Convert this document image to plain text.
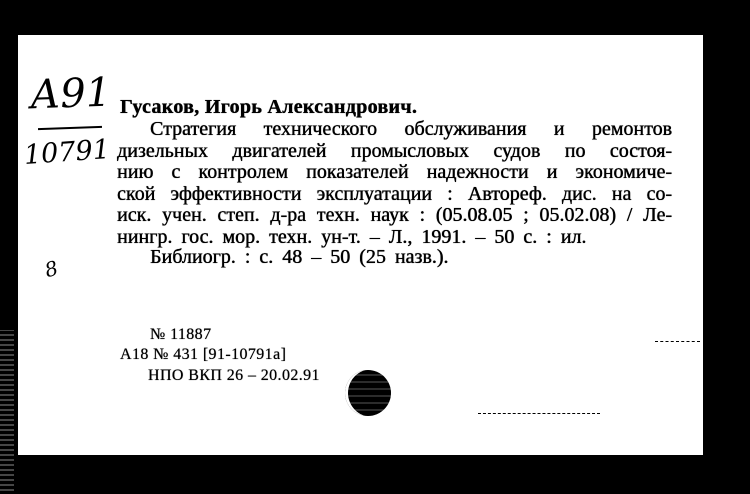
А91
10791
8
Гусаков, Игорь Александрович.
Стратегия технического обслуживания и ремонтов
дизельных двигателей промысловых судов по состоя-
нию с контролем показателей надежности и экономиче-
ской эффективности эксплуатации : Автореф. дис. на со-
иск. учен. степ. д-ра техн. наук : (05.08.05 ; 05.02.08) / Ле-
нингр. гос. мор. техн. ун-т. – Л., 1991. – 50 с. : ил.
Библиогр. : с. 48 – 50 (25 назв.).
№ 11887
А18 № 431 [91-10791а]
НПО ВКП 26 – 20.02.91
